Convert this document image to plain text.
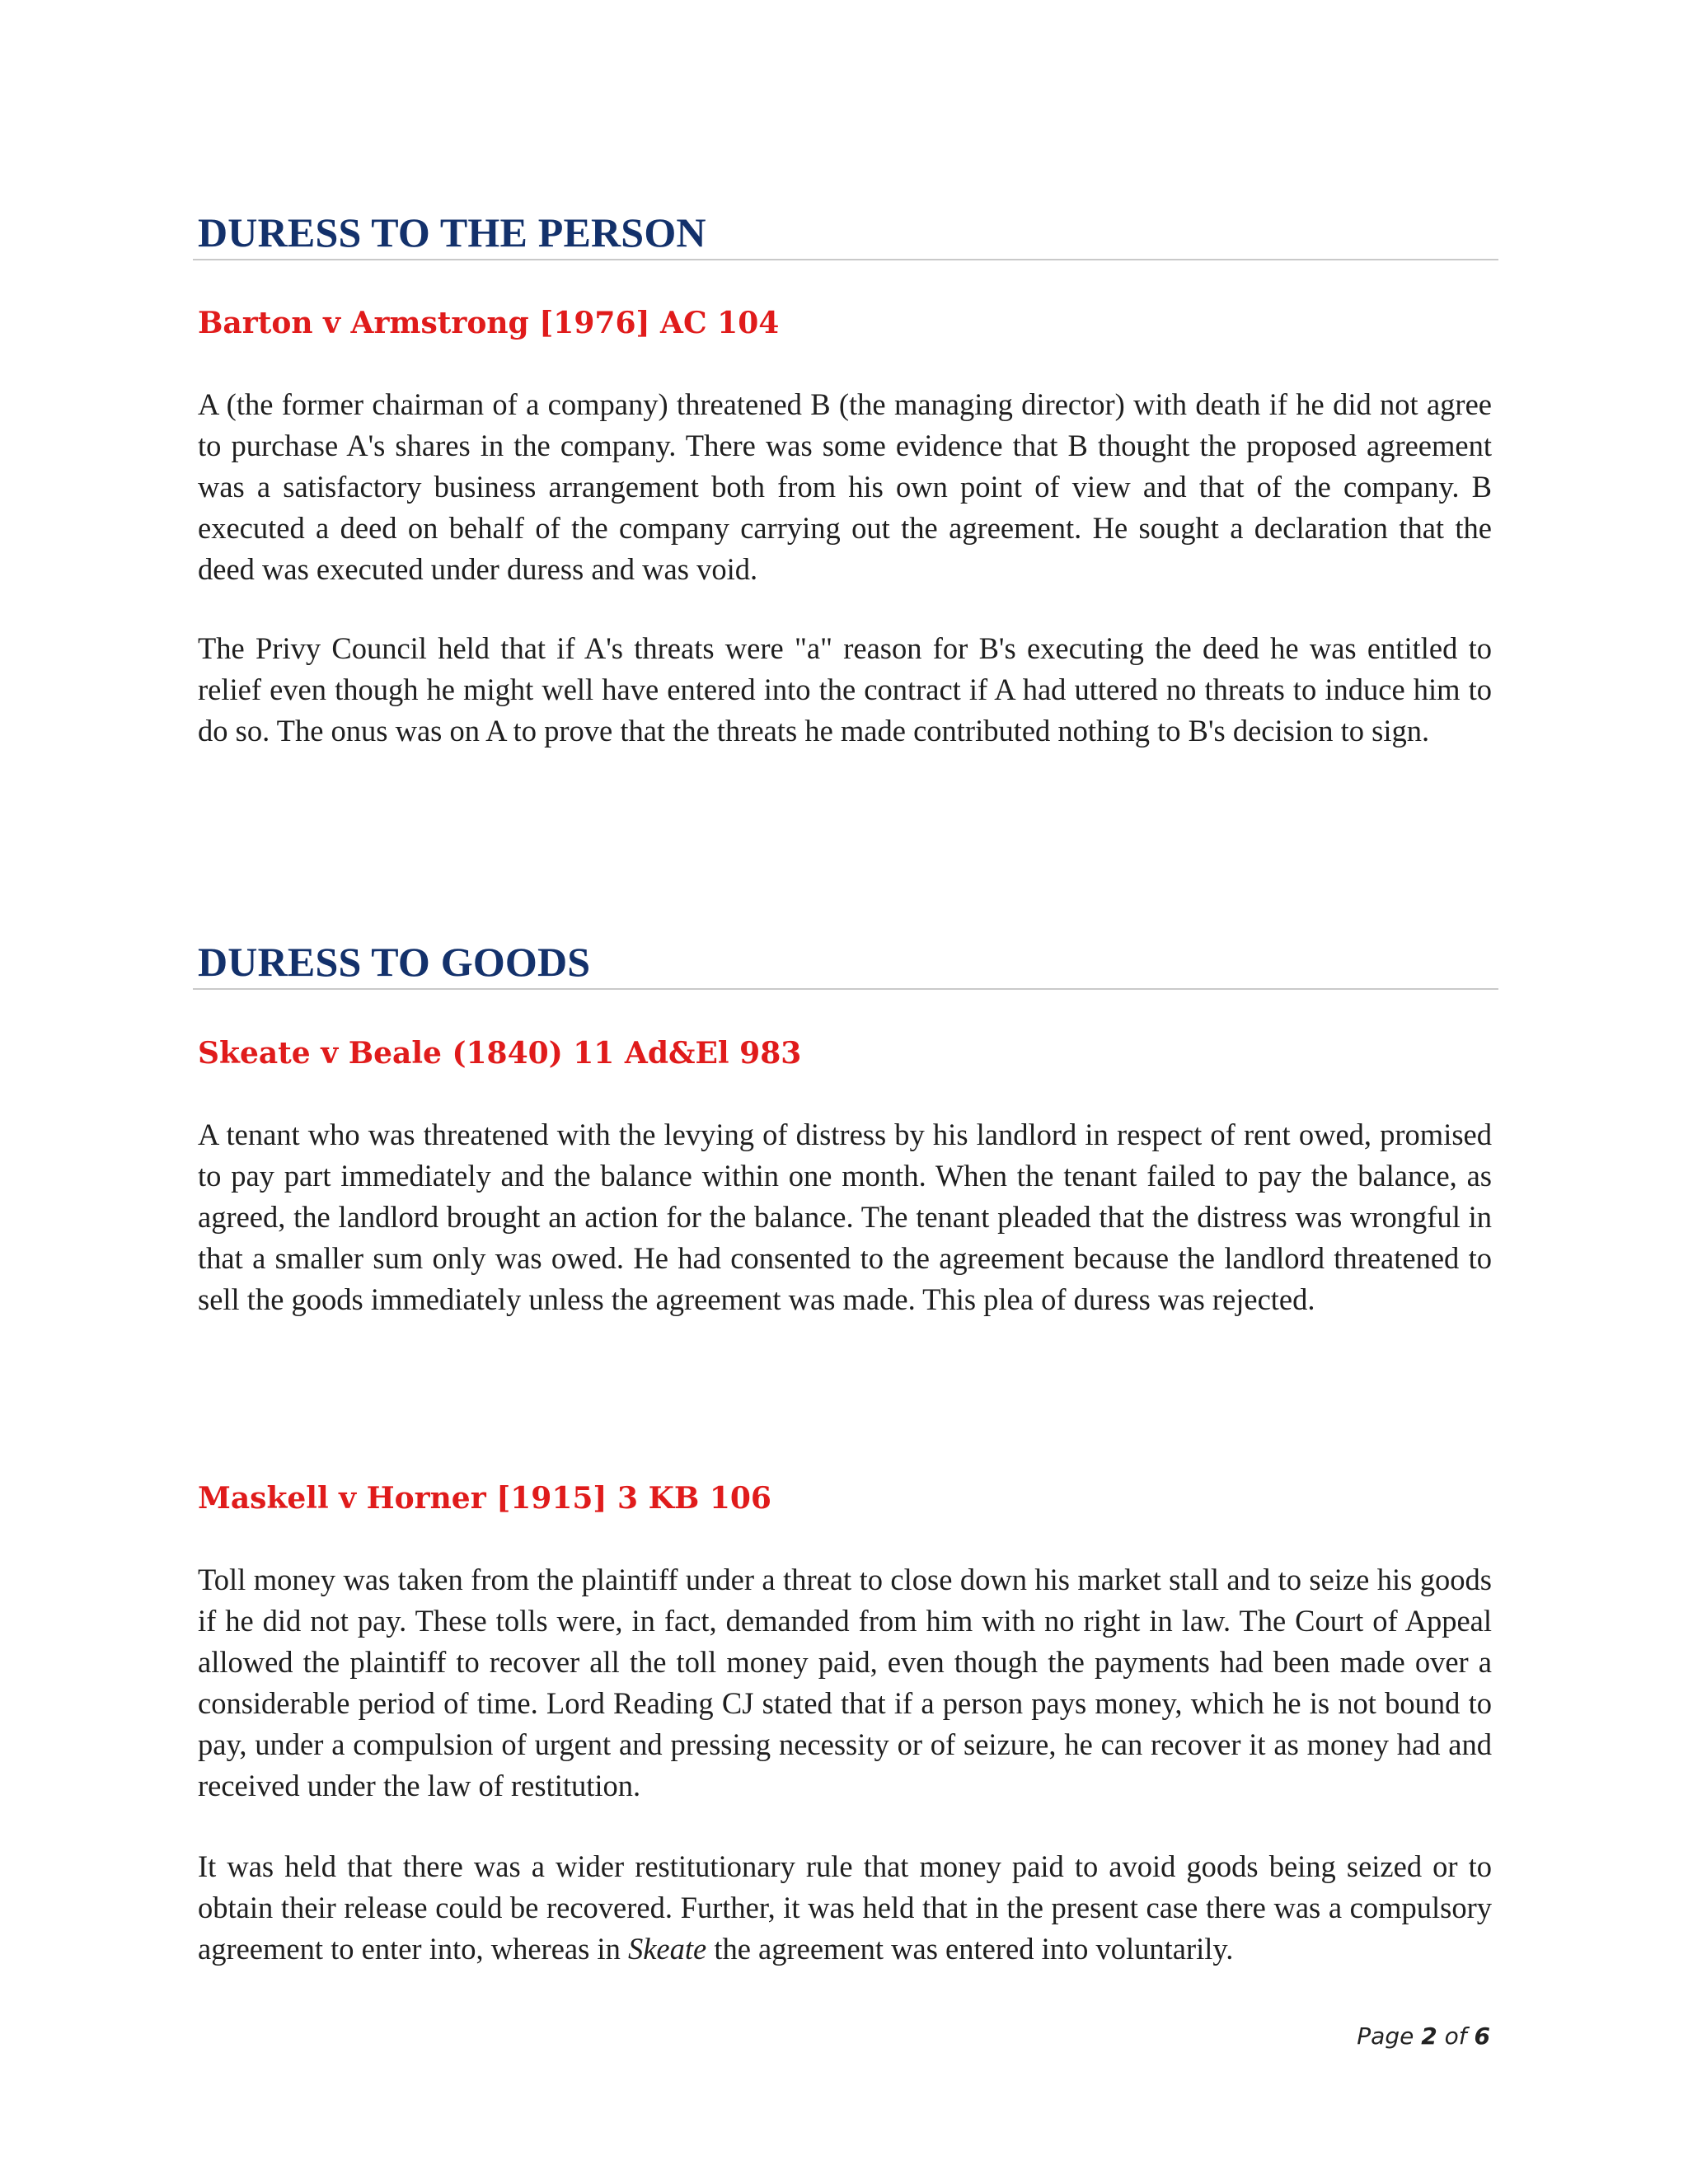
DURESS TO THE PERSON
Barton v Armstrong [1976] AC 104

A (the former chairman of a company) threatened B (the managing director) with death if he did not agree to purchase A's shares in the company. There was some evidence that B thought the proposed agreement was a satisfactory business arrangement both from his own point of view and that of the company. B executed a deed on behalf of the company carrying out the agreement. He sought a declaration that the deed was executed under duress and was void.

The Privy Council held that if A's threats were "a" reason for B's executing the deed he was entitled to relief even though he might well have entered into the contract if A had uttered no threats to induce him to do so. The onus was on A to prove that the threats he made contributed nothing to B's decision to sign.

DURESS TO GOODS
Skeate v Beale (1840) 11 Ad&El 983

A tenant who was threatened with the levying of distress by his landlord in respect of rent owed, promised to pay part immediately and the balance within one month. When the tenant failed to pay the balance, as agreed, the landlord brought an action for the balance. The tenant pleaded that the distress was wrongful in that a smaller sum only was owed. He had consented to the agreement because the landlord threatened to sell the goods immediately unless the agreement was made. This plea of duress was rejected.

Maskell v Horner [1915] 3 KB 106

Toll money was taken from the plaintiff under a threat to close down his market stall and to seize his goods if he did not pay. These tolls were, in fact, demanded from him with no right in law. The Court of Appeal allowed the plaintiff to recover all the toll money paid, even though the payments had been made over a considerable period of time. Lord Reading CJ stated that if a person pays money, which he is not bound to pay, under a compulsion of urgent and pressing necessity or of seizure, he can recover it as money had and received under the law of restitution.

It was held that there was a wider restitutionary rule that money paid to avoid goods being seized or to obtain their release could be recovered. Further, it was held that in the present case there was a compulsory agreement to enter into, whereas in Skeate the agreement was entered into voluntarily.

Page 2 of 6
